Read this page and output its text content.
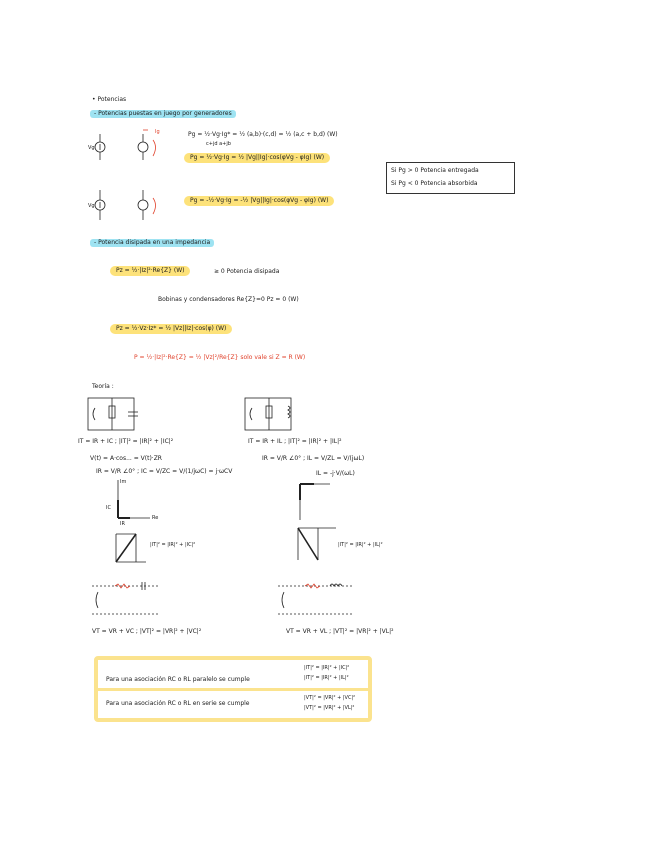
• Potencias
- Potencias puestas en juego por generadores
Vg
Ig
Vg
Pg = ½·Vg·Ig* = ½ (a,b)·(c,d) = ½ (a,c + b,d) (W)
c+jd a+jb
Pg = ½·Vg·Ig = ½ |Vg||Ig|·cos(φVg - φIg) (W)
Pg = -½·Vg·Ig = -½ |Vg||Ig|·cos(φVg - φIg) (W)
Si Pg > 0 Potencia entregada
Si Pg < 0 Potencia absorbida
- Potencia disipada en una impedancia
Pz = ½·|Iz|²·Re{Z} (W)	≥ 0 Potencia disipada
Bobinas y condensadores Re{Z}=0 Pz = 0 (W)
Pz = ½·Vz·Iz* = ½ |Vz||Iz|·cos(φ) (W)
P = ½·|Iz|²·Re{Z} = ½ |Vz|²/Re{Z} solo vale si Z = R (W)
Teoría :
IT = IR + IC ; |IT|² = |IR|² + |IC|²
V(t) = A·cos... = V(t)·ZR
IR = V/R ∠0° ; IC = V/ZC = V/(1/jωC) = j·ωCV
Im
Re
IC
IR
|IT|² = |IR|² + |IC|²
IT = IR + IL ; |IT|² = |IR|² + |IL|²
IR = V/R ∠0° ; IL = V/ZL = V/(jωL)
IL = -j·V/(ωL)
|IT|² = |IR|² + |IL|²
VT = VR + VC ; |VT|² = |VR|² + |VC|²	VT = VR + VL ; |VT|² = |VR|² + |VL|²
Para una asociación RC o RL paralelo se cumple
|IT|² = |IR|² + |IC|²
|IT|² = |IR|² + |IL|²
Para una asociación RC o RL en serie se cumple
|VT|² = |VR|² + |VC|²
|VT|² = |VR|² + |VL|²
